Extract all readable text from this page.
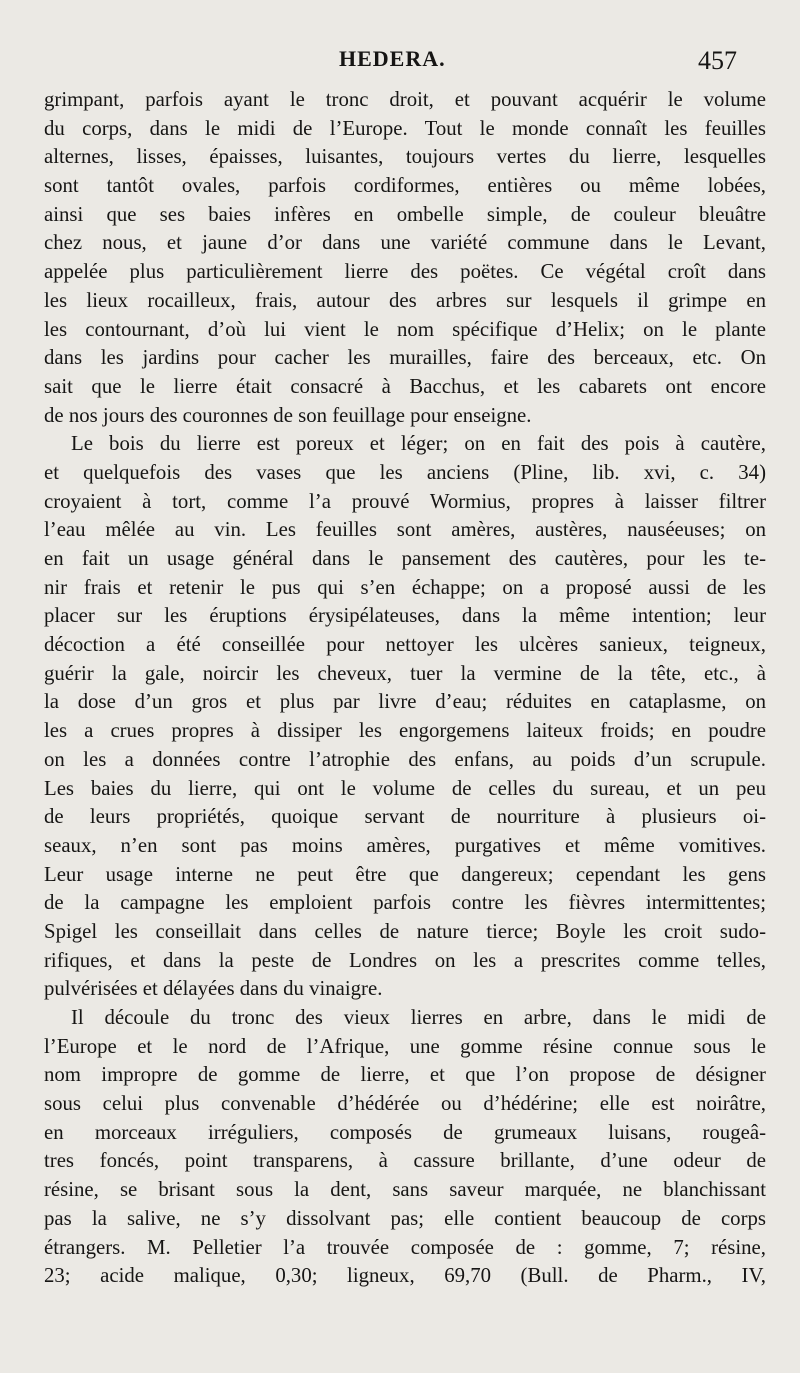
HEDERA.	457
grimpant, parfois ayant le tronc droit, et pouvant acquérir le volume
du corps, dans le midi de l’Europe. Tout le monde connaît les feuilles
alternes, lisses, épaisses, luisantes, toujours vertes du lierre, lesquelles
sont tantôt ovales, parfois cordiformes, entières ou même lobées,
ainsi que ses baies infères en ombelle simple, de couleur bleuâtre
chez nous, et jaune d’or dans une variété commune dans le Levant,
appelée plus particulièrement lierre des poëtes. Ce végétal croît dans
les lieux rocailleux, frais, autour des arbres sur lesquels il grimpe en
les contournant, d’où lui vient le nom spécifique d’Helix; on le plante
dans les jardins pour cacher les murailles, faire des berceaux, etc. On
sait que le lierre était consacré à Bacchus, et les cabarets ont encore
de nos jours des couronnes de son feuillage pour enseigne.
Le bois du lierre est poreux et léger; on en fait des pois à cautère,
et quelquefois des vases que les anciens (Pline, lib. xvi, c. 34)
croyaient à tort, comme l’a prouvé Wormius, propres à laisser filtrer
l’eau mêlée au vin. Les feuilles sont amères, austères, nauséeuses; on
en fait un usage général dans le pansement des cautères, pour les te-
nir frais et retenir le pus qui s’en échappe; on a proposé aussi de les
placer sur les éruptions érysipélateuses, dans la même intention; leur
décoction a été conseillée pour nettoyer les ulcères sanieux, teigneux,
guérir la gale, noircir les cheveux, tuer la vermine de la tête, etc., à
la dose d’un gros et plus par livre d’eau; réduites en cataplasme, on
les a crues propres à dissiper les engorgemens laiteux froids; en poudre
on les a données contre l’atrophie des enfans, au poids d’un scrupule.
Les baies du lierre, qui ont le volume de celles du sureau, et un peu
de leurs propriétés, quoique servant de nourriture à plusieurs oi-
seaux, n’en sont pas moins amères, purgatives et même vomitives.
Leur usage interne ne peut être que dangereux; cependant les gens
de la campagne les emploient parfois contre les fièvres intermittentes;
Spigel les conseillait dans celles de nature tierce; Boyle les croit sudo-
rifiques, et dans la peste de Londres on les a prescrites comme telles,
pulvérisées et délayées dans du vinaigre.
Il découle du tronc des vieux lierres en arbre, dans le midi de
l’Europe et le nord de l’Afrique, une gomme résine connue sous le
nom impropre de gomme de lierre, et que l’on propose de désigner
sous celui plus convenable d’hédérée ou d’hédérine; elle est noirâtre,
en morceaux irréguliers, composés de grumeaux luisans, rougeâ-
tres foncés, point transparens, à cassure brillante, d’une odeur de
résine, se brisant sous la dent, sans saveur marquée, ne blanchissant
pas la salive, ne s’y dissolvant pas; elle contient beaucoup de corps
étrangers. M. Pelletier l’a trouvée composée de : gomme, 7; résine,
23; acide malique, 0,30; ligneux, 69,70 (Bull. de Pharm., IV,
